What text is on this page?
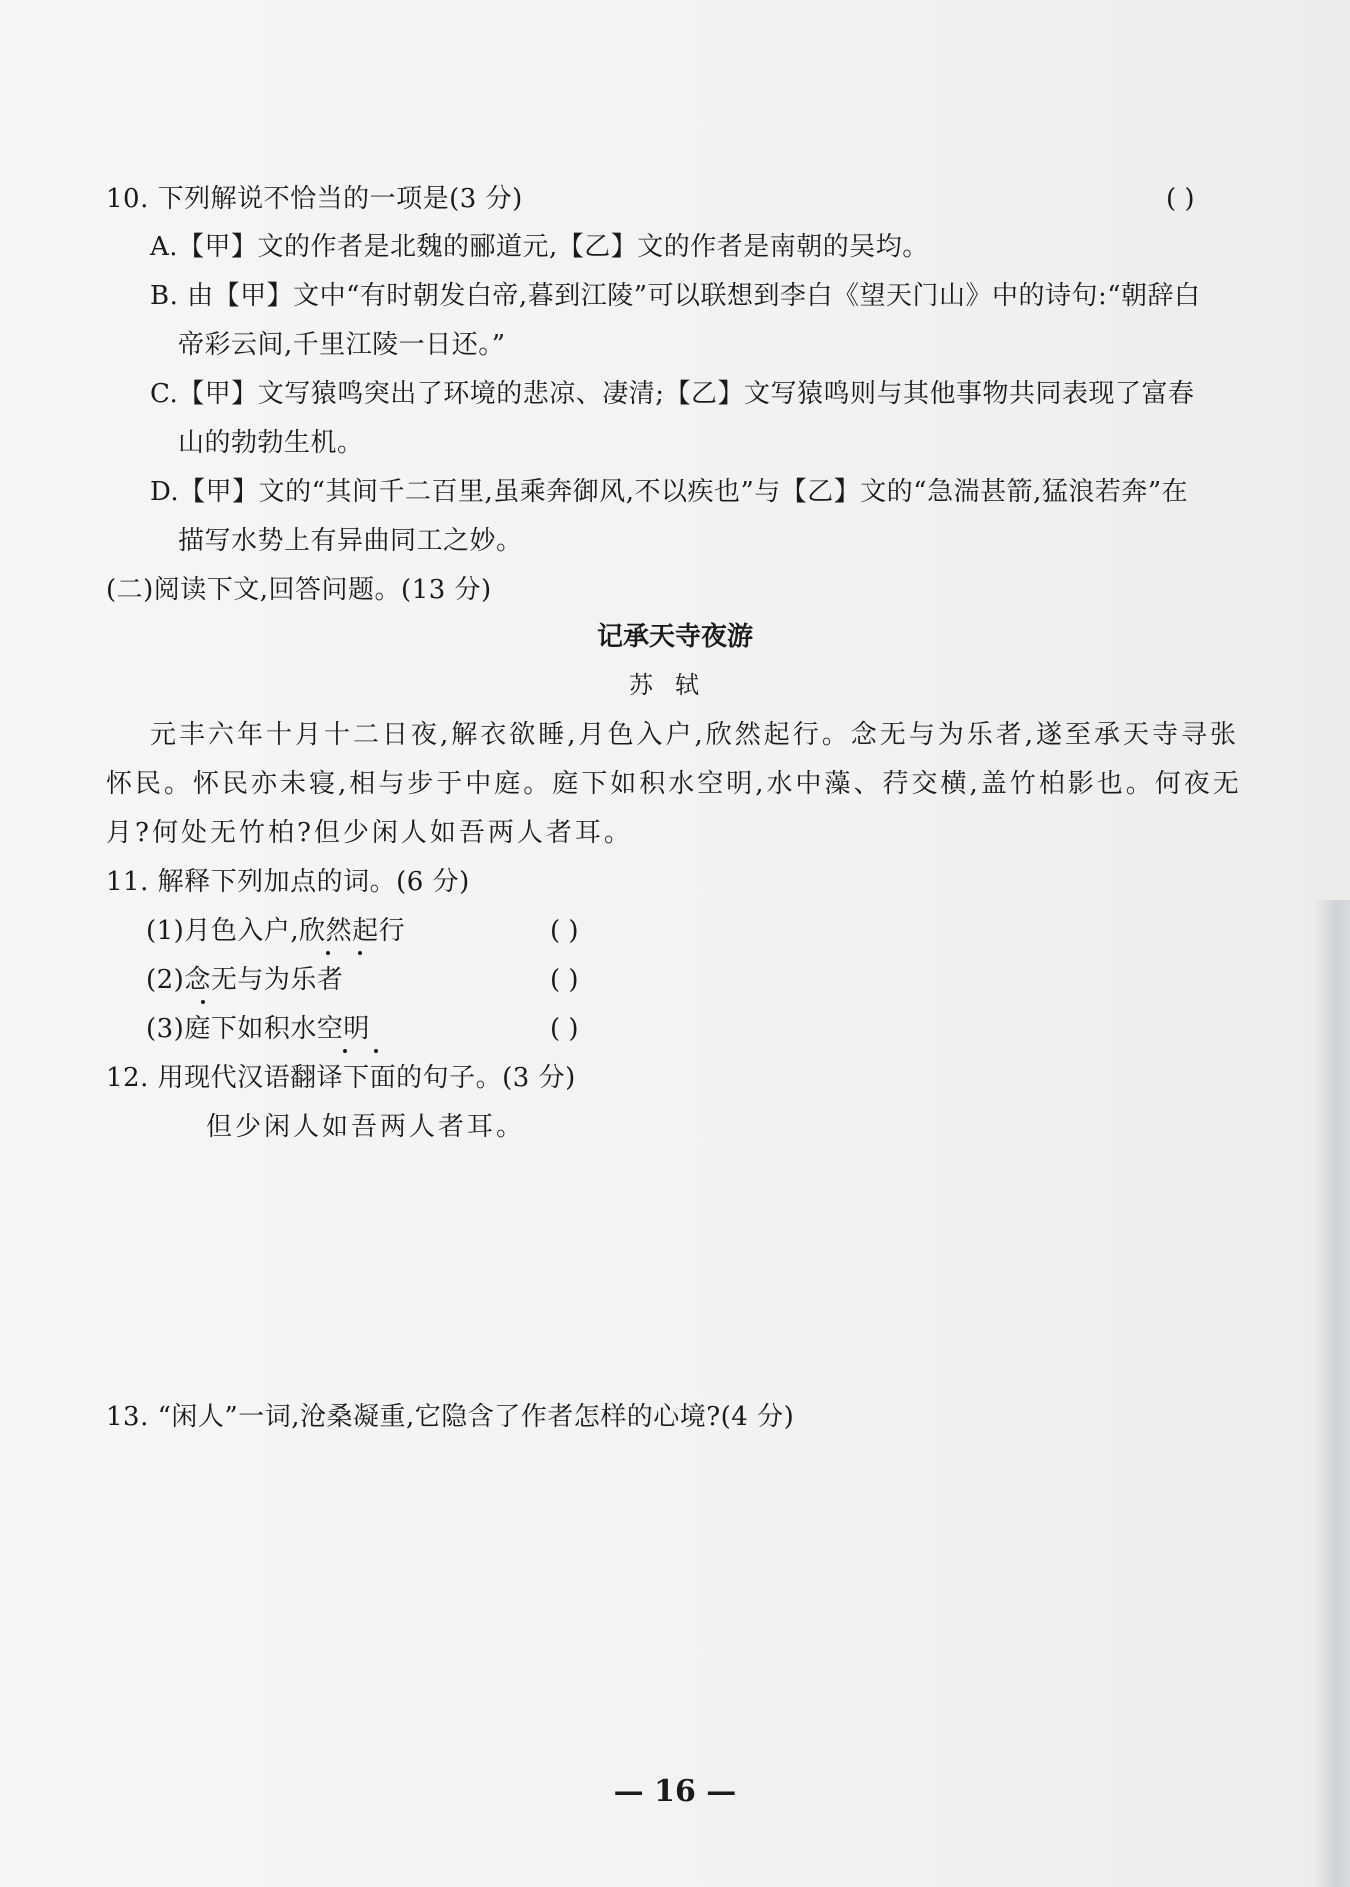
10. 下列解说不恰当的一项是(3 分)	( )
A.【甲】文的作者是北魏的郦道元,【乙】文的作者是南朝的吴均。
B. 由【甲】文中“有时朝发白帝,暮到江陵”可以联想到李白《望天门山》中的诗句:“朝辞白
帝彩云间,千里江陵一日还。”
C.【甲】文写猿鸣突出了环境的悲凉、凄清;【乙】文写猿鸣则与其他事物共同表现了富春
山的勃勃生机。
D.【甲】文的“其间千二百里,虽乘奔御风,不以疾也”与【乙】文的“急湍甚箭,猛浪若奔”在
描写水势上有异曲同工之妙。
(二)阅读下文,回答问题。(13 分)
记承天寺夜游
苏轼
元丰六年十月十二日夜,解衣欲睡,月色入户,欣然起行。念无与为乐者,遂至承天寺寻张
怀民。怀民亦未寝,相与步于中庭。庭下如积水空明,水中藻、荇交横,盖竹柏影也。何夜无
月?何处无竹柏?但少闲人如吾两人者耳。
11. 解释下列加点的词。(6 分)
(1)月色入户,欣然起行	( )
(2)念无与为乐者	( )
(3)庭下如积水空明	( )
12. 用现代汉语翻译下面的句子。(3 分)
但少闲人如吾两人者耳。
13. “闲人”一词,沧桑凝重,它隐含了作者怎样的心境?(4 分)
— 16 —
